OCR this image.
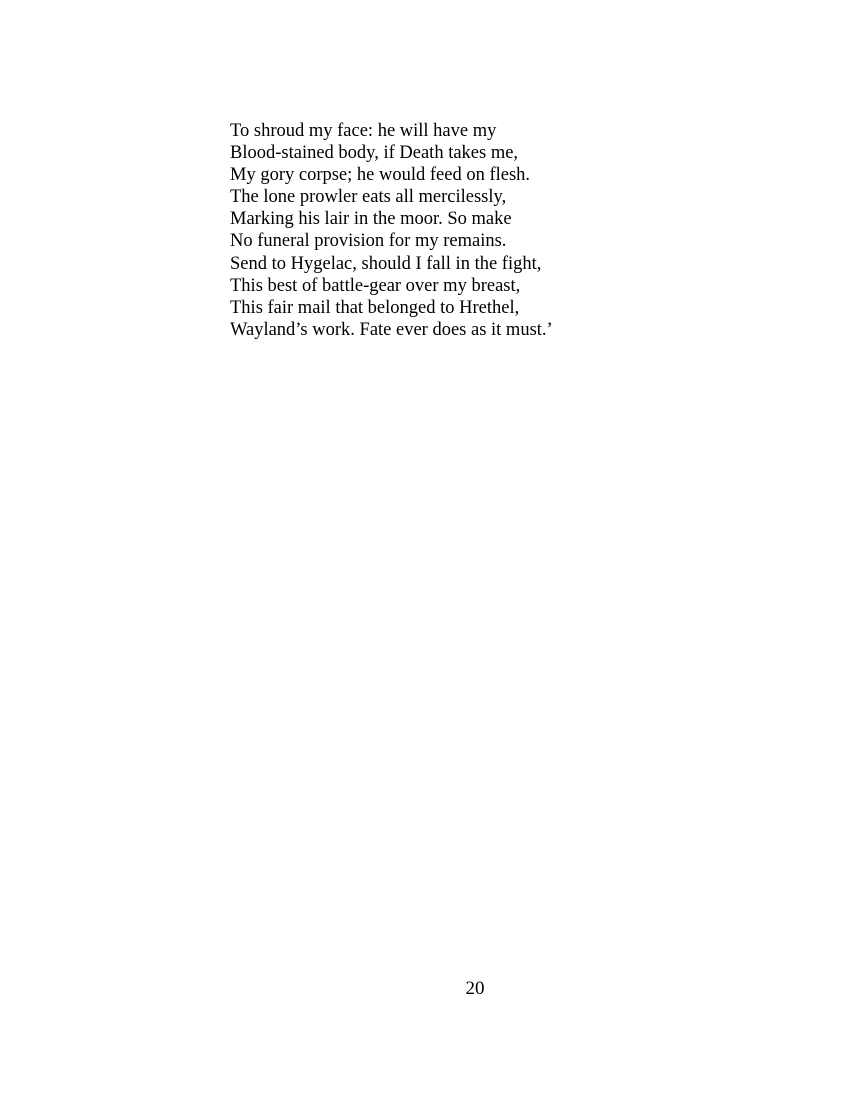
To shroud my face: he will have my
Blood-stained body, if Death takes me,
My gory corpse; he would feed on flesh.
The lone prowler eats all mercilessly,
Marking his lair in the moor. So make
No funeral provision for my remains.
Send to Hygelac, should I fall in the fight,
This best of battle-gear over my breast,
This fair mail that belonged to Hrethel,
Wayland’s work. Fate ever does as it must.’
20
